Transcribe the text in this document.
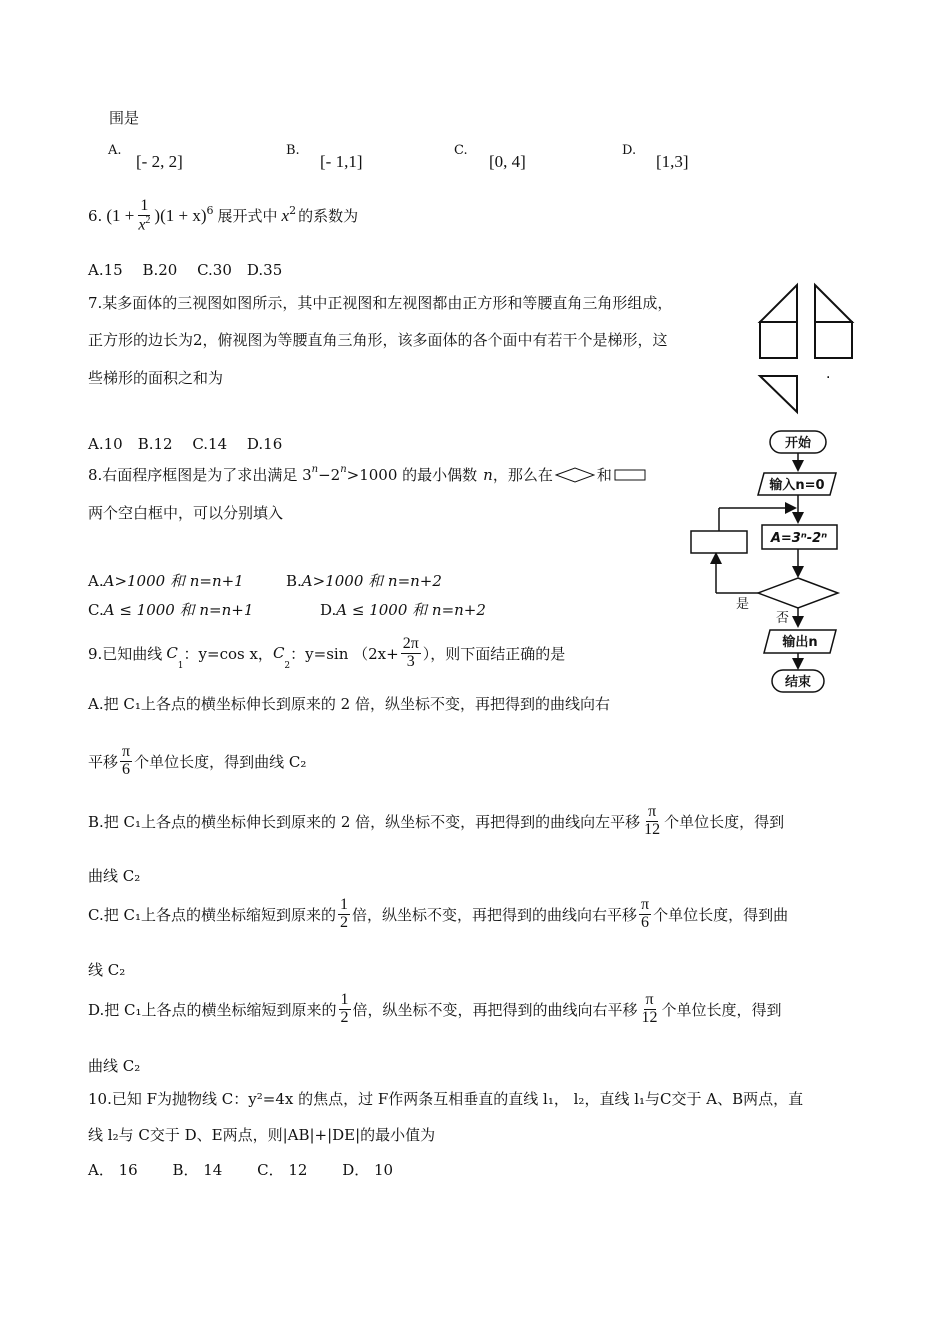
围是
A.
[- 2, 2]
B.
[- 1,1]
C.
[0, 4]
D.
[1,3]
6. $(1 + \frac{1}{x^2} )(1 + x)^6$ 展开式中 $x^2$ 的系数为
A.15　 B.20　 C.30　D.35
7.某多面体的三视图如图所示，其中正视图和左视图都由正方形和等腰直角三角形组成，
正方形的边长为2，俯视图为等腰直角三角形，该多面体的各个面中有若干个是梯形，这
些梯形的面积之和为
A.10　B.12　 C.14　 D.16
.
8.右面程序框图是为了求出满足 $3^n -2^n >1000$ 的最小偶数 n ，那么在	和
两个空白框中，可以分别填入
A.A>1000 和 n=n+1	B.A>1000 和 n=n+2
C.A ≤ 1000 和 n=n+1	D.A ≤ 1000 和 n=n+2
开始
输入n=0
A=3ⁿ-2ⁿ
输出n
结束
是
否
9.已知曲线 C
$_1$
：y=cos x， C
$_2$
：y=sin （$2x+ \frac{2\pi}{3}$ ），则下面结正确的是
A.把 C₁上各点的横坐标伸长到原来的 2 倍，纵坐标不变，再把得到的曲线向右
平移 $\frac{\pi}{6}$ 个单位长度，得到曲线 C₂
B.把 C₁上各点的横坐标伸长到原来的 2 倍，纵坐标不变，再把得到的曲线向左平移 $\frac{\pi}{12}$ 个单位长度，得到
曲线 C₂
C.把 C₁上各点的横坐标缩短到原来的 $\frac{1}{2}$ 倍，纵坐标不变，再把得到的曲线向右平移 $\frac{\pi}{6}$ 个单位长度，得到曲
线 C₂
D.把 C₁上各点的横坐标缩短到原来的 $\frac{1}{2}$ 倍，纵坐标不变，再把得到的曲线向右平移 $\frac{\pi}{12}$ 个单位长度，得到
曲线 C₂
10.已知 F为抛物线 C：y²=4x 的焦点，过 F作两条互相垂直的直线 l₁， l₂，直线 l₁与C交于 A、B两点，直
线 l₂与 C交于 D、E两点，则|AB|+|DE|的最小值为
A． 16　　 B． 14　　 C． 12　　 D． 10
